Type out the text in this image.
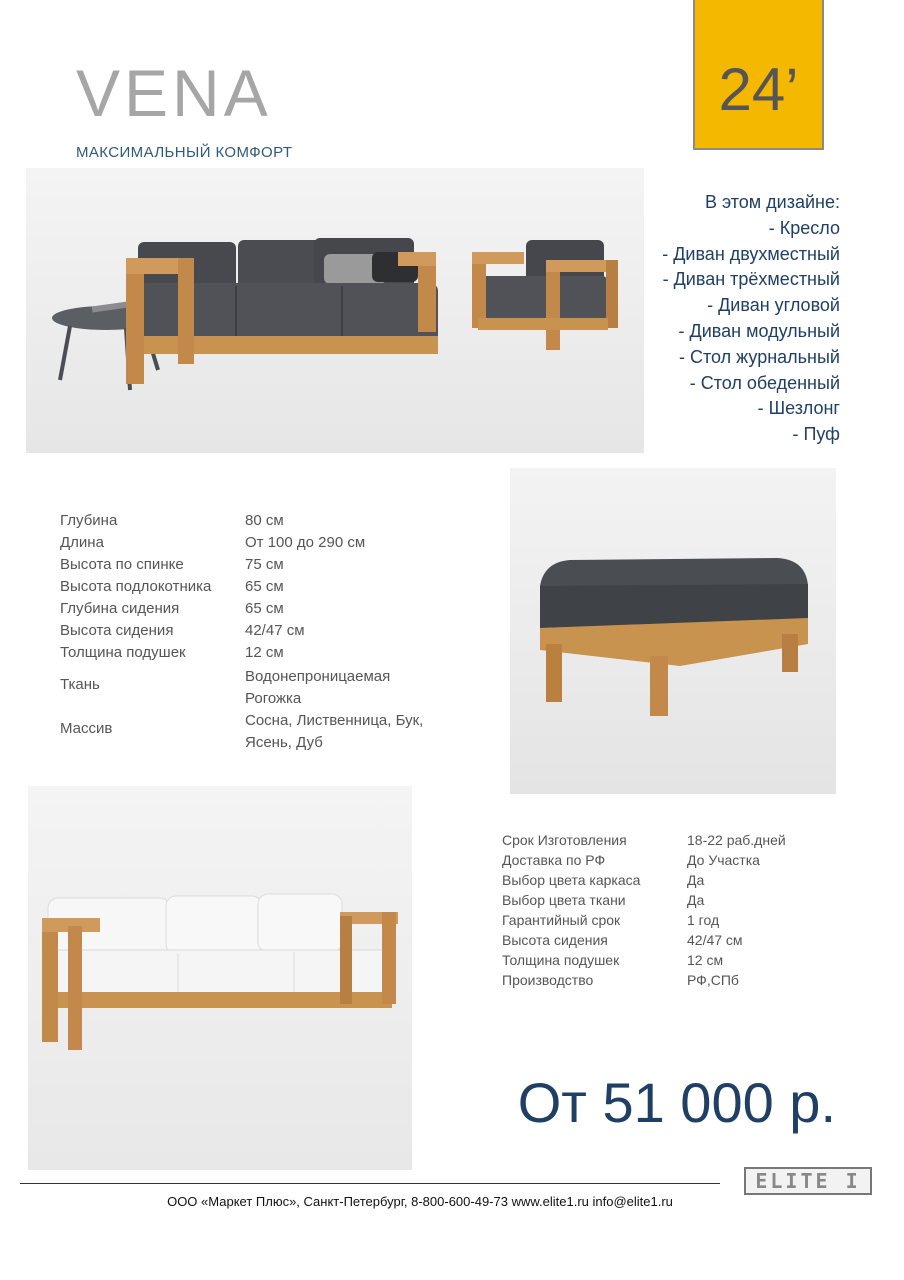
VENA
МАКСИМАЛЬНЫЙ КОМФОРТ
24’
В этом дизайне:
- Кресло
- Диван двухместный
- Диван трёхместный
- Диван угловой
- Диван модульный
- Стол журнальный
- Стол обеденный
- Шезлонг
- Пуф
Глубина	80 см
Длина	От 100 до 290 см
Высота по спинке	75 см
Высота подлокотника 65 см
Глубина сидения	65 см
Высота сидения	42/47 см
Толщина подушек	12 см
Ткань	Водонепроницаемая
Рогожка
Массив	Сосна, Лиственница, Бук,
Ясень, Дуб
Срок Изготовления	18-22 раб.дней
Доставка по РФ	До Участка
Выбор цвета каркаса	Да
Выбор цвета ткани	Да
Гарантийный срок	1 год
Высота сидения	42/47 см
Толщина подушек	12 см
Производство	РФ,СПб
От 51 000 р.
ELITE I
ООО «Маркет Плюс», Санкт-Петербург, 8-800-600-49-73 www.elite1.ru info@elite1.ru
